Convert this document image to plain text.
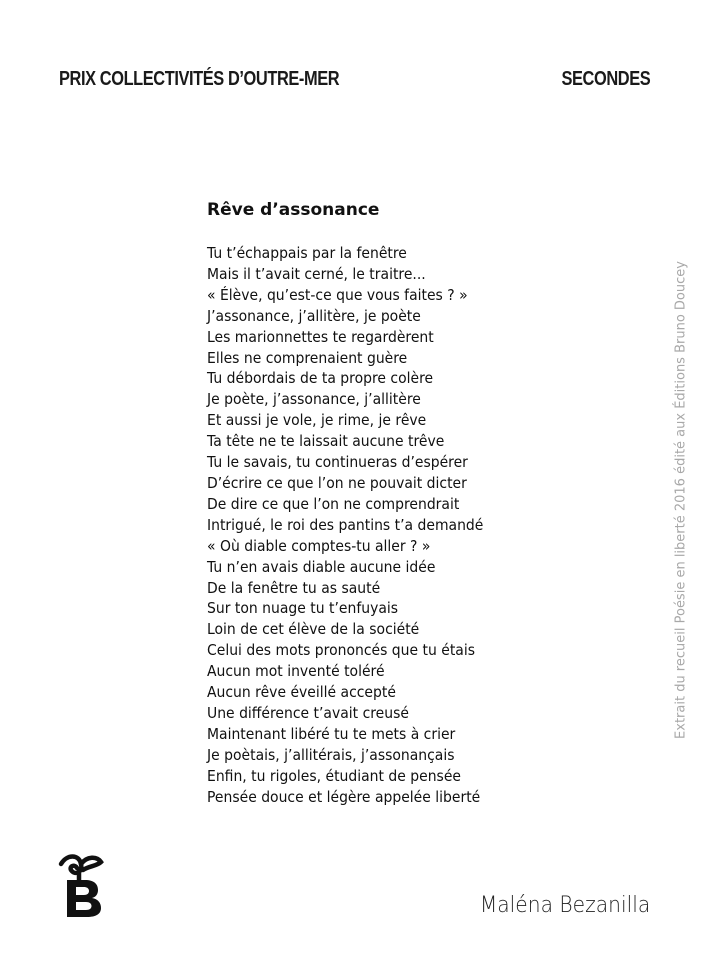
PRIX COLLECTIVITÉS D’OUTRE-MER	SECONDES
Rêve d’assonance
Tu t’échappais par la fenêtre
Mais il t’avait cerné, le traitre...
« Élève, qu’est-ce que vous faites ? »
J’assonance, j’allitère, je poète
Les marionnettes te regardèrent
Elles ne comprenaient guère
Tu débordais de ta propre colère
Je poète, j’assonance, j’allitère
Et aussi je vole, je rime, je rêve
Ta tête ne te laissait aucune trêve
Tu le savais, tu continueras d’espérer
D’écrire ce que l’on ne pouvait dicter
De dire ce que l’on ne comprendrait
Intrigué, le roi des pantins t’a demandé
« Où diable comptes-tu aller ? »
Tu n’en avais diable aucune idée
De la fenêtre tu as sauté
Sur ton nuage tu t’enfuyais
Loin de cet élève de la société
Celui des mots prononcés que tu étais
Aucun mot inventé toléré
Aucun rêve éveillé accepté
Une différence t’avait creusé
Maintenant libéré tu te mets à crier
Je poètais, j’allitérais, j’assonançais
Enfin, tu rigoles, étudiant de pensée
Pensée douce et légère appelée liberté
Extrait du recueil Poésie en liberté 2016 édité aux Éditions Bruno Doucey
Maléna Bezanilla
